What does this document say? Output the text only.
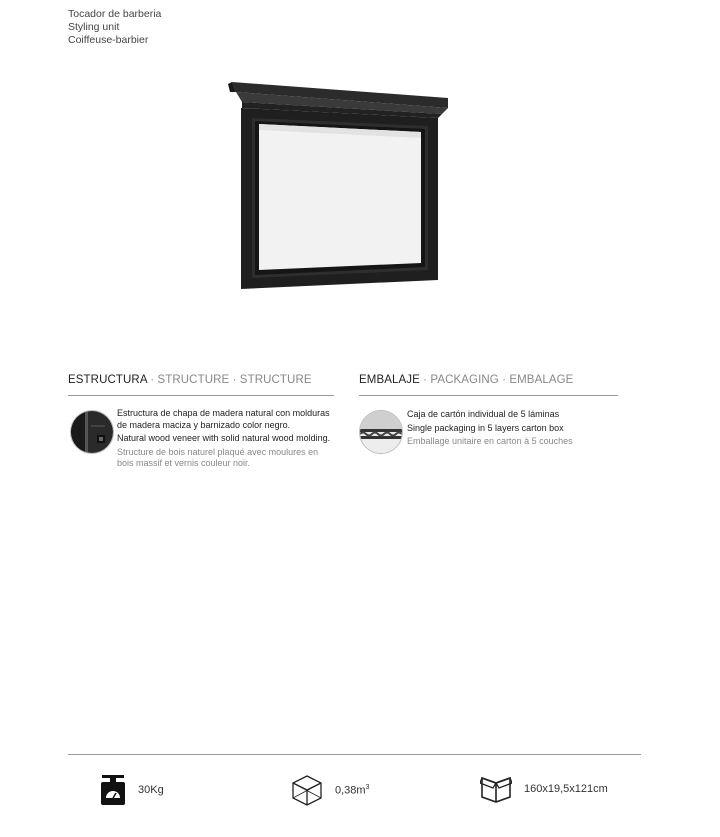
Tocador de barberia
Styling unit
Coiffeuse-barbier
ESTRUCTURA · STRUCTURE · STRUCTURE

Estructura de chapa de madera natural con molduras de madera maciza y barnizado color negro.

Natural wood veneer with solid natural wood molding.

Structure de bois naturel plaqué avec moulures en bois massif et vernis couleur noir.

EMBALAJE · PACKAGING · EMBALAGE

Caja de cartón individual de 5 láminas

Single packaging in 5 layers carton box

Emballage unitaire en carton à 5 couches

30Kg	$0,38m^3$	160x19,5x121cm
